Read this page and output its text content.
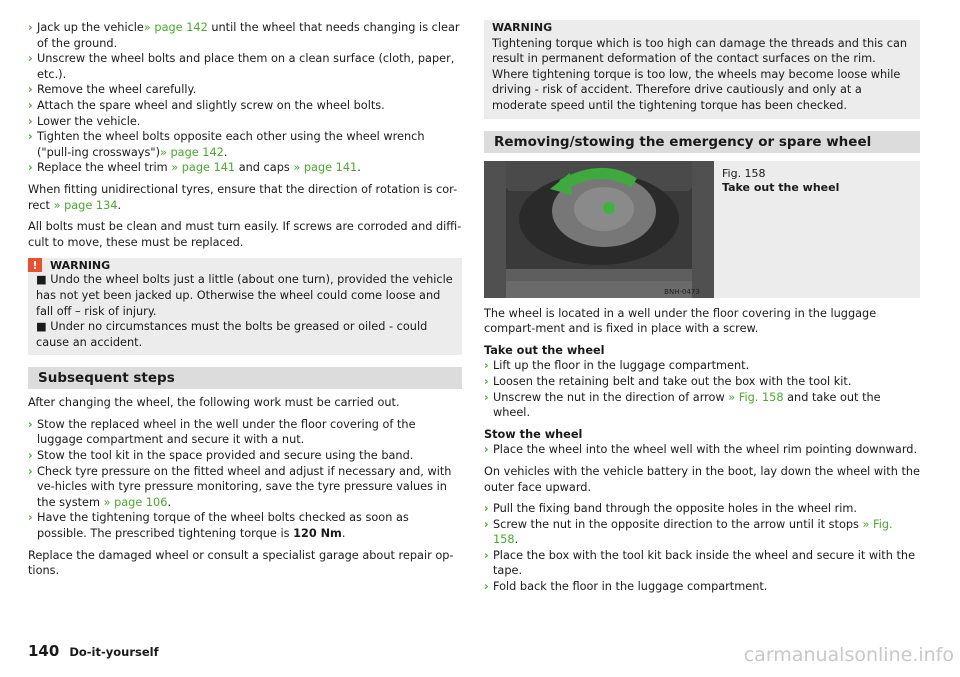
› Jack up the vehicle» page 142 until the wheel that needs changing is clear of the ground.
› Unscrew the wheel bolts and place them on a clean surface (cloth, paper, etc.).
› Remove the wheel carefully.
› Attach the spare wheel and slightly screw on the wheel bolts.
› Lower the vehicle.
› Tighten the wheel bolts opposite each other using the wheel wrench ("pull-ing crossways")» page 142.
› Replace the wheel trim » page 141 and caps » page 141.

When fitting unidirectional tyres, ensure that the direction of rotation is cor-rect » page 134.

All bolts must be clean and must turn easily. If screws are corroded and diffi-cult to move, these must be replaced.

!	WARNING

■ Undo the wheel bolts just a little (about one turn), provided the vehicle has not yet been jacked up. Otherwise the wheel could come loose and fall off – risk of injury.

■ Under no circumstances must the bolts be greased or oiled - could cause an accident.

Subsequent steps

After changing the wheel, the following work must be carried out.

› Stow the replaced wheel in the well under the floor covering of the luggage compartment and secure it with a nut.
› Stow the tool kit in the space provided and secure using the band.
› Check tyre pressure on the fitted wheel and adjust if necessary and, with ve-hicles with tyre pressure monitoring, save the tyre pressure values in the system » page 106.
› Have the tightening torque of the wheel bolts checked as soon as possible. The prescribed tightening torque is 120 Nm.

Replace the damaged wheel or consult a specialist garage about repair op-tions.

WARNING

Tightening torque which is too high can damage the threads and this can result in permanent deformation of the contact surfaces on the rim. Where tightening torque is too low, the wheels may become loose while driving - risk of accident. Therefore drive cautiously and only at a moderate speed until the tightening torque has been checked.

Removing/stowing the emergency or spare wheel
BNH-0473
Fig. 158
Take out the wheel

The wheel is located in a well under the floor covering in the luggage compart-ment and is fixed in place with a screw.

Take out the wheel

› Lift up the floor in the luggage compartment.
› Loosen the retaining belt and take out the box with the tool kit.
› Unscrew the nut in the direction of arrow » Fig. 158 and take out the wheel.

Stow the wheel

› Place the wheel into the wheel well with the wheel rim pointing downward.

On vehicles with the vehicle battery in the boot, lay down the wheel with the outer face upward.

› Pull the fixing band through the opposite holes in the wheel rim.
› Screw the nut in the opposite direction to the arrow until it stops » Fig. 158.
› Place the box with the tool kit back inside the wheel and secure it with the tape.
› Fold back the floor in the luggage compartment.
140 Do-it-yourself	carmanualsonline.info
